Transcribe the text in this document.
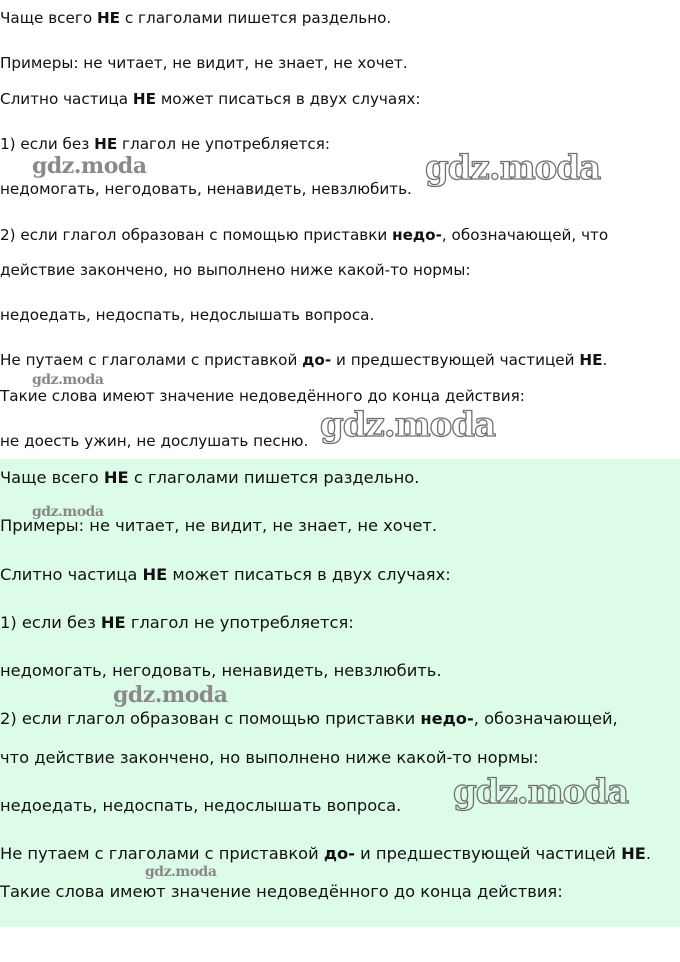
Чаще всего НЕ с глаголами пишется раздельно.
Примеры: не читает, не видит, не знает, не хочет.
Слитно частица НЕ может писаться в двух случаях:
1) если без НЕ глагол не употребляется:
недомогать, негодовать, ненавидеть, невзлюбить.
2) если глагол образован с помощью приставки недо-, обозначающей, что
действие закончено, но выполнено ниже какой-то нормы:
недоедать, недоспать, недослышать вопроса.
Не путаем с глаголами с приставкой до- и предшествующей частицей НЕ.
Такие слова имеют значение недоведённого до конца действия:
не доесть ужин, не дослушать песню.
Чаще всего НЕ с глаголами пишется раздельно.
Примеры: не читает, не видит, не знает, не хочет.
Слитно частица НЕ может писаться в двух случаях:
1) если без НЕ глагол не употребляется:
недомогать, негодовать, ненавидеть, невзлюбить.
2) если глагол образован с помощью приставки недо-, обозначающей,
что действие закончено, но выполнено ниже какой-то нормы:
недоедать, недоспать, недослышать вопроса.
Не путаем с глаголами с приставкой до- и предшествующей частицей НЕ.
Такие слова имеют значение недоведённого до конца действия:
gdz.moda	gdz.moda
gdz.moda
gdz.moda
gdz.moda
gdz.moda
gdz.moda
gdz.moda
